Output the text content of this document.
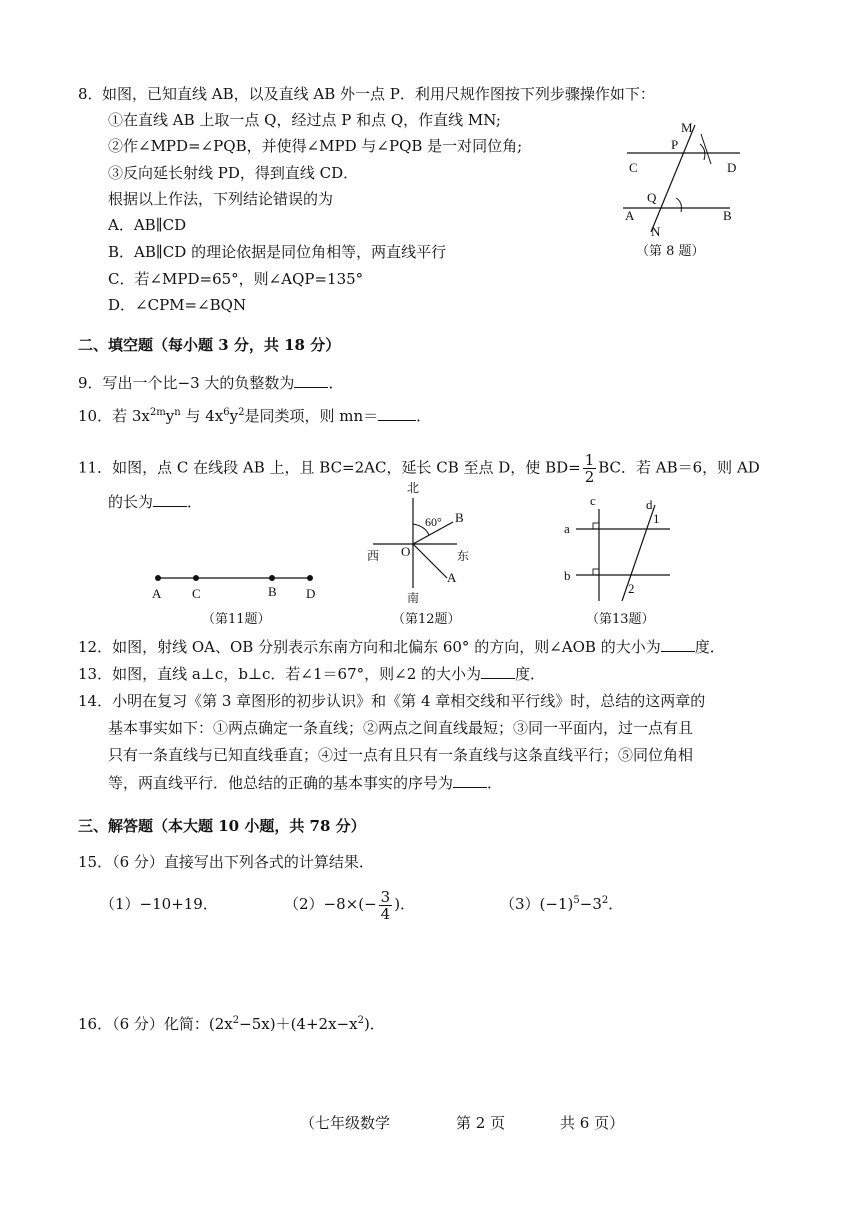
8． 如图，已知直线 AB，以及直线 AB 外一点 P．利用尺规作图按下列步骤操作如下：
①在直线 AB 上取一点 Q，经过点 P 和点 Q，作直线 MN;
②作∠MPD=∠PQB，并使得∠MPD 与∠PQB 是一对同位角;
③反向延长射线 PD，得到直线 CD．
根据以上作法，下列结论错误的为
A．AB∥CD
B．AB∥CD 的理论依据是同位角相等，两直线平行
C．若∠MPD=65°，则∠AQP=135°
D．∠CPM=∠BQN
M
P
C	D
Q
A	B
N
（第 8 题）
二、填空题（每小题 3 分，共 18 分）
9．写出一个比−3 大的负整数为 ．
10．若 $3x^{2m}y^n$ 与 $4x^6y^2$是同类项，则 mn＝	．
11．如图，点 C 在线段 AB 上，且 BC=2AC，延长 CB 至点 D，使 $BD= \frac{1}{2}$ BC．若 AB＝6，则 AD
的长为 ．
A C	B D
（第11题）
北
南
西	东
60°
O
B
A
（第12题）
c	d
a
b
1
2
（第13题）
12．如图，射线 OA、OB 分别表示东南方向和北偏东 60° 的方向，则∠AOB 的大小为 度．
13．如图，直线 a⊥c，b⊥c．若∠1＝67°，则∠2 的大小为 度．
14．小明在复习《第 3 章图形的初步认识》和《第 4 章相交线和平行线》时，总结的这两章的
基本事实如下：①两点确定一条直线；②两点之间直线最短；③同一平面内，过一点有且
只有一条直线与已知直线垂直；④过一点有且只有一条直线与这条直线平行；⑤同位角相
等，两直线平行．他总结的正确的基本事实的序号为 ．
三、解答题（本大题 10 小题，共 78 分）
15．（6 分）直接写出下列各式的计算结果．
（1）−10+19．	$(2)-8\times(- \frac{3}{4}$ )．	$(3)(-1)^5-3^2$．
16．（6 分）化简：$(2x^2-5x)+(4+2x-x^2)$．
（七年级数学	第 2 页	共 6 页）
